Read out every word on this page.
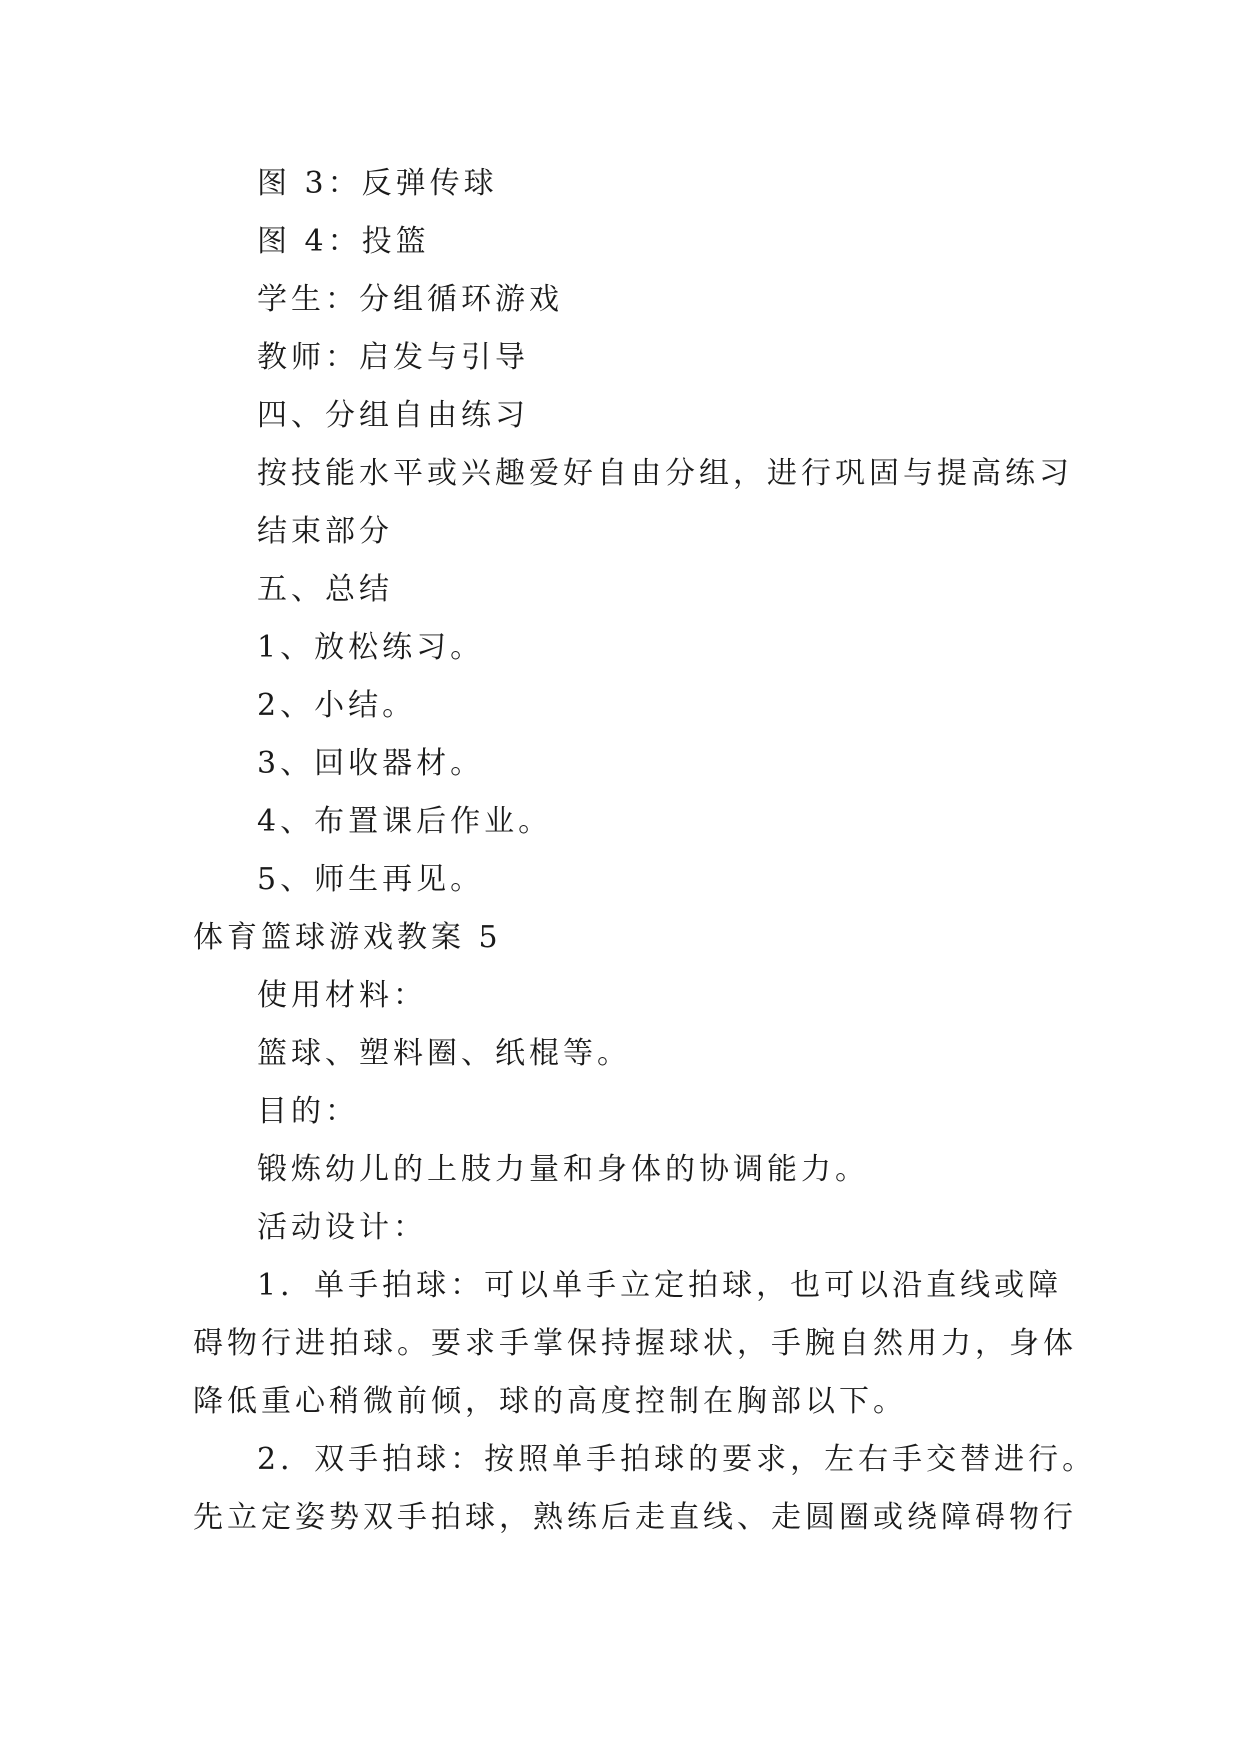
图 3：反弹传球
图 4：投篮
学生：分组循环游戏
教师：启发与引导
四、分组自由练习
按技能水平或兴趣爱好自由分组，进行巩固与提高练习
结束部分
五、总结
1、放松练习。
2、小结。
3、回收器材。
4、布置课后作业。
5、师生再见。
体育篮球游戏教案 5
使用材料：
篮球、塑料圈、纸棍等。
目的：
锻炼幼儿的上肢力量和身体的协调能力。
活动设计：
1．单手拍球：可以单手立定拍球，也可以沿直线或障
碍物行进拍球。要求手掌保持握球状，手腕自然用力，身体
降低重心稍微前倾，球的高度控制在胸部以下。
2．双手拍球：按照单手拍球的要求，左右手交替进行。
先立定姿势双手拍球，熟练后走直线、走圆圈或绕障碍物行
